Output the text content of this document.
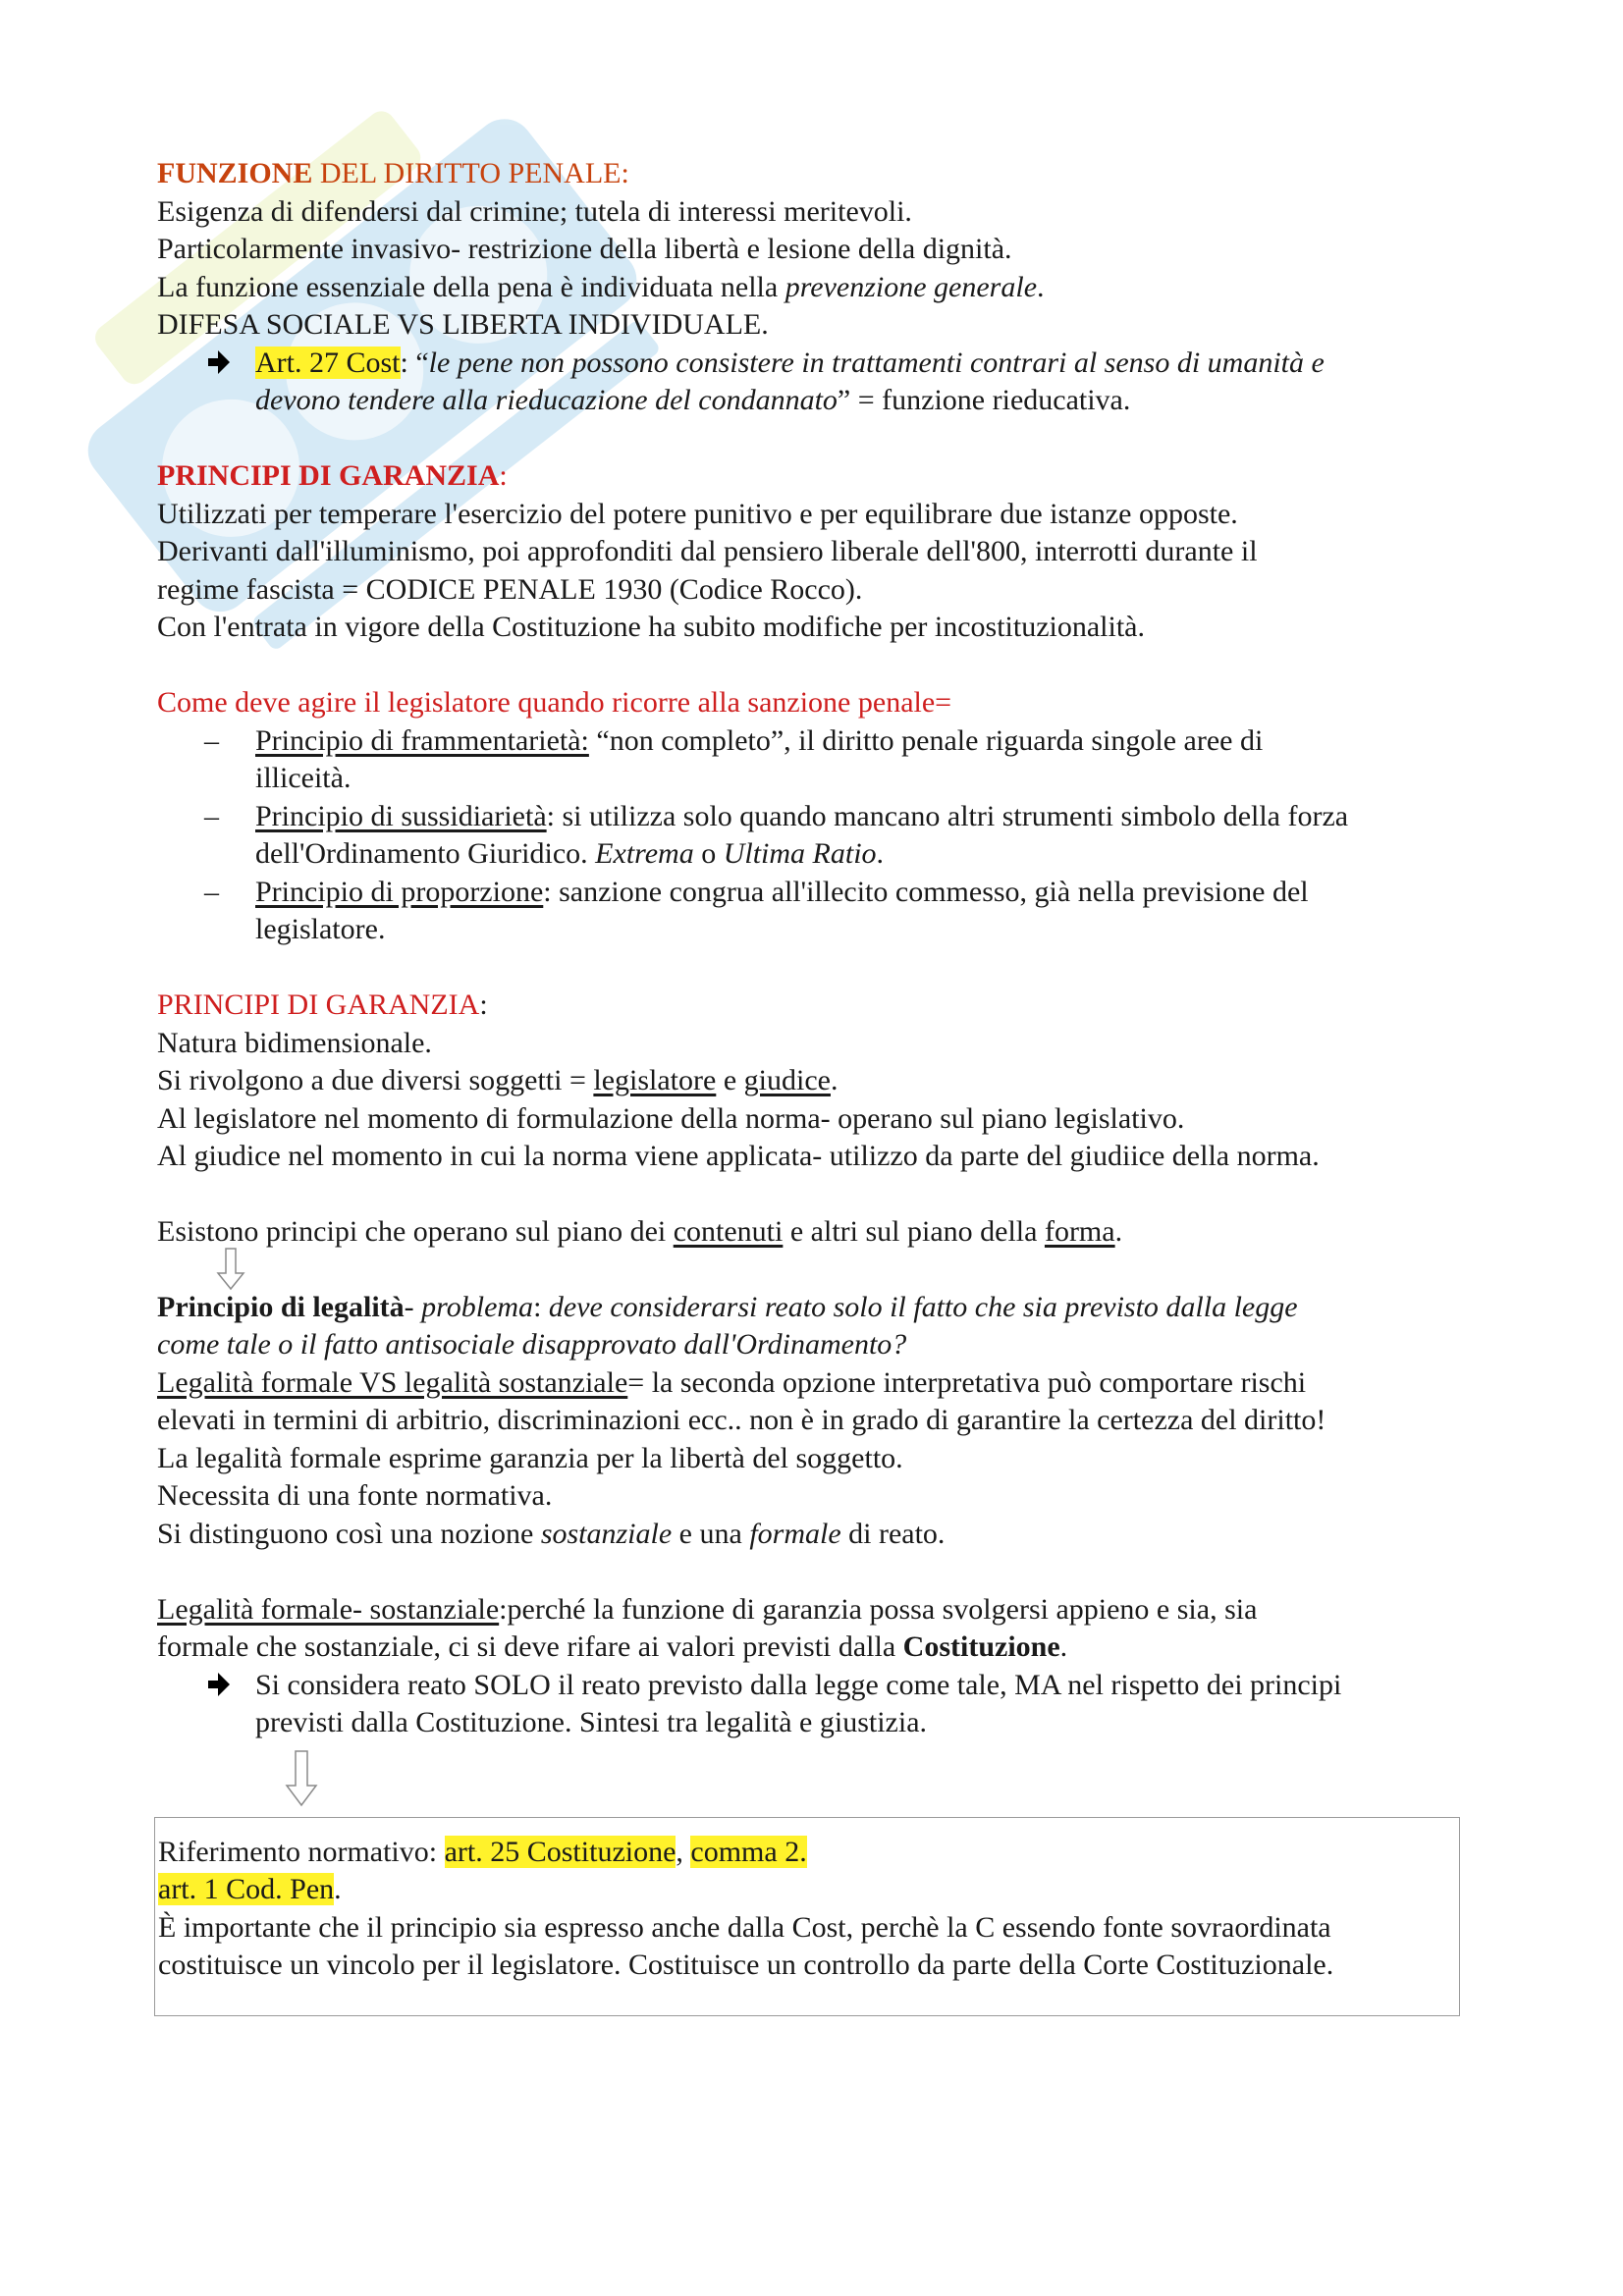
FUNZIONE DEL DIRITTO PENALE:

Esigenza di difendersi dal crimine; tutela di interessi meritevoli.

Particolarmente invasivo- restrizione della libertà e lesione della dignità.

La funzione essenziale della pena è individuata nella prevenzione generale.

DIFESA SOCIALE VS LIBERTA INDIVIDUALE.

Art. 27 Cost: “le pene non possono consistere in trattamenti contrari al senso di umanità e
devono tendere alla rieducazione del condannato” = funzione rieducativa.

PRINCIPI DI GARANZIA:

Utilizzati per temperare l'esercizio del potere punitivo e per equilibrare due istanze opposte.

Derivanti dall'illuminismo, poi approfonditi dal pensiero liberale dell'800, interrotti durante il

regime fascista = CODICE PENALE 1930 (Codice Rocco).

Con l'entrata in vigore della Costituzione ha subito modifiche per incostituzionalità.

Come deve agire il legislatore quando ricorre alla sanzione penale=

– Principio di frammentarietà: “non completo”, il diritto penale riguarda singole aree di
illiceità.
– Principio di sussidiarietà: si utilizza solo quando mancano altri strumenti simbolo della forza
dell'Ordinamento Giuridico. Extrema o Ultima Ratio.
– Principio di proporzione: sanzione congrua all'illecito commesso, già nella previsione del
legislatore.

PRINCIPI DI GARANZIA:

Natura bidimensionale.

Si rivolgono a due diversi soggetti = legislatore e giudice.

Al legislatore nel momento di formulazione della norma- operano sul piano legislativo.

Al giudice nel momento in cui la norma viene applicata- utilizzo da parte del giudiice della norma.

Esistono principi che operano sul piano dei contenuti e altri sul piano della forma.

Principio di legalità- problema: deve considerarsi reato solo il fatto che sia previsto dalla legge

come tale o il fatto antisociale disapprovato dall'Ordinamento?

Legalità formale VS legalità sostanziale= la seconda opzione interpretativa può comportare rischi

elevati in termini di arbitrio, discriminazioni ecc.. non è in grado di garantire la certezza del diritto!

La legalità formale esprime garanzia per la libertà del soggetto.

Necessita di una fonte normativa.

Si distinguono così una nozione sostanziale e una formale di reato.

Legalità formale- sostanziale:perché la funzione di garanzia possa svolgersi appieno e sia, sia

formale che sostanziale, ci si deve rifare ai valori previsti dalla Costituzione.

Si considera reato SOLO il reato previsto dalla legge come tale, MA nel rispetto dei principi
previsti dalla Costituzione. Sintesi tra legalità e giustizia.

Riferimento normativo: art. 25 Costituzione, comma 2.

art. 1 Cod. Pen.

È importante che il principio sia espresso anche dalla Cost, perchè la C essendo fonte sovraordinata

costituisce un vincolo per il legislatore. Costituisce un controllo da parte della Corte Costituzionale.
